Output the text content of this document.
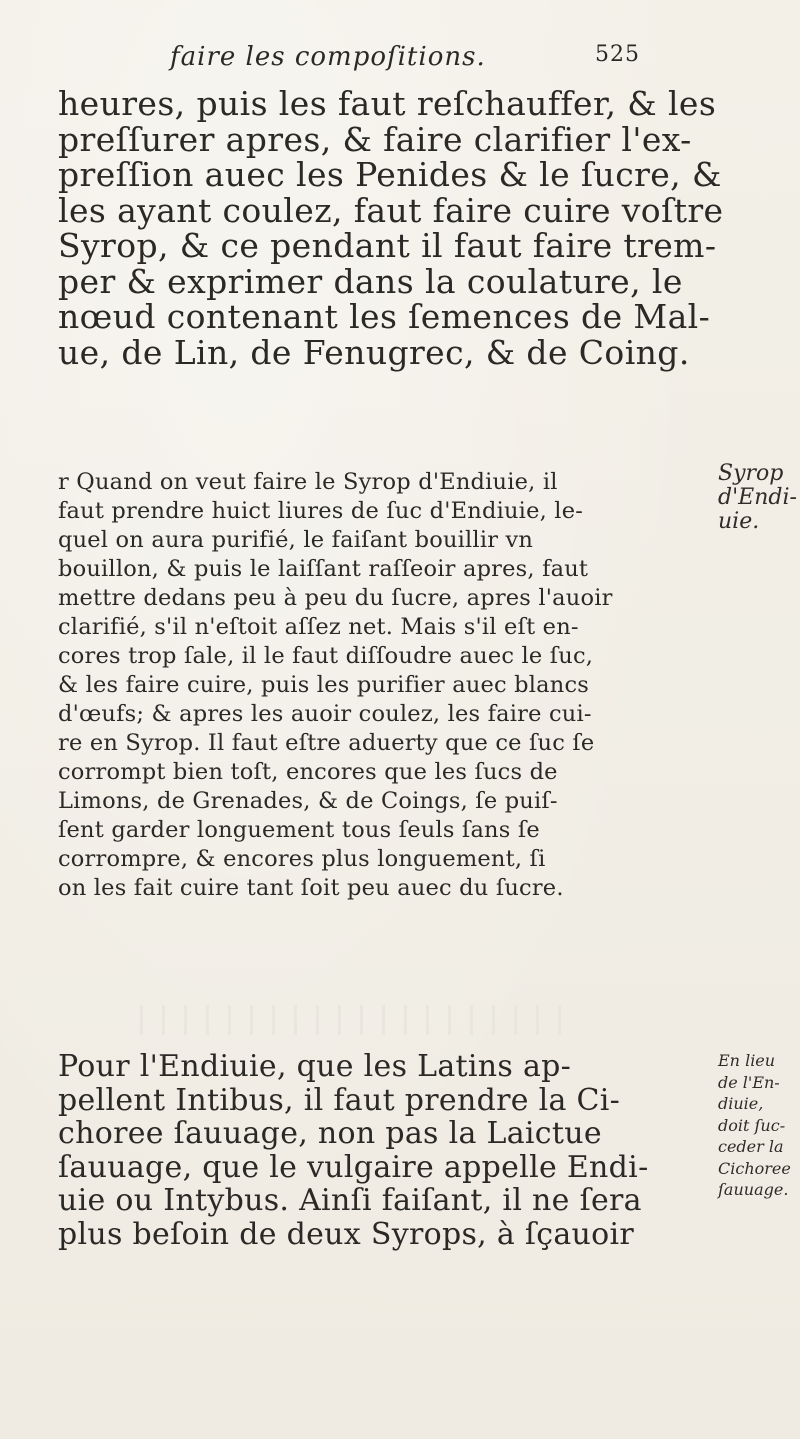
faire les compoſitions.	525
heures, puis les faut reſchauffer, & les
preſſurer apres, & faire clarifier l'ex-
preſſion auec les Penides & le ſucre, &
les ayant coulez, faut faire cuire voſtre
Syrop, & ce pendant il faut faire trem-
per & exprimer dans la coulature, le
nœud contenant les ſemences de Mal-
ue, de Lin, de Fenugrec, & de Coing.
r Quand on veut faire le Syrop d'Endiuie, il
faut prendre huict liures de ſuc d'Endiuie, le-
quel on aura purifié, le faiſant bouillir vn
bouillon, & puis le laiſſant raſſeoir apres, faut
mettre dedans peu à peu du ſucre, apres l'auoir
clarifié, s'il n'eſtoit aſſez net. Mais s'il eſt en-
cores trop ſale, il le faut diſſoudre auec le ſuc,
& les faire cuire, puis les purifier auec blancs
d'œufs; & apres les auoir coulez, les faire cui-
re en Syrop. Il faut eſtre aduerty que ce ſuc ſe
corrompt bien toſt, encores que les ſucs de
Limons, de Grenades, & de Coings, ſe puiſ-
ſent garder longuement tous ſeuls ſans ſe
corrompre, & encores plus longuement, ſi
on les fait cuire tant ſoit peu auec du ſucre.
Syrop
d'Endi-
uie.
Pour l'Endiuie, que les Latins ap-
pellent Intibus, il faut prendre la Ci-
choree ſauuage, non pas la Laictue
ſauuage, que le vulgaire appelle Endi-
uie ou Intybus. Ainſi faiſant, il ne ſera
plus beſoin de deux Syrops, à ſçauoir
En lieu
de l'En-
diuie,
doit ſuc-
ceder la
Cichoree
ſauuage.
